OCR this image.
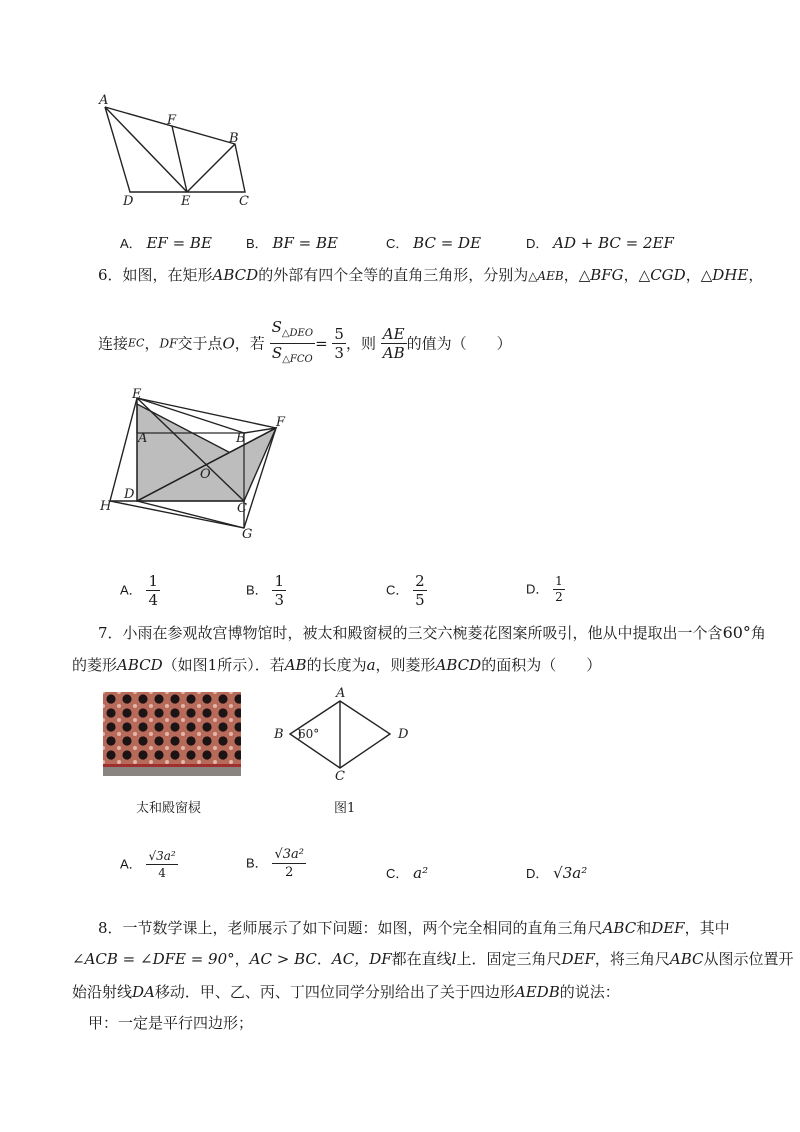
A
F
B
D	E	C
A． EF = BE	B． BF = BE	C． BC = DE	D． AD + BC = 2EF
6．如图，在矩形ABCD的外部有四个全等的直角三角形，分别为△AEB，△BFG，△CGD，△DHE，
连接EC，DF交于点O，若 $\frac{S_{\triangle DEO}}{S_{\triangle FCO}} = \frac{5}{3}$ ，则 $\frac{AE}{AB}$ 的值为（　　）
E
F
A	B
O
D
C
H
G
A． $\frac{1}{4}$	B． $\frac{1}{3}$	C． $\frac{2}{5}$	D． $\frac{1}{2}$
7．小雨在参观故宫博物馆时，被太和殿窗棂的三交六椀菱花图案所吸引，他从中提取出一个含60°角
的菱形ABCD（如图1所示）．若AB的长度为a，则菱形ABCD的面积为（　　）
太和殿窗棂
A
B
C
D
60°
图1
A． $\frac{\text{√3a²}}{4}$	B． $\frac{\text{√3a²}}{2}$	C． a²	D． √3a²
8．一节数学课上，老师展示了如下问题：如图，两个完全相同的直角三角尺ABC和DEF，其中
∠ACB = ∠DFE = 90°，AC > BC．AC，DF都在直线l上．固定三角尺DEF，将三角尺ABC从图示位置开
始沿射线DA移动．甲、乙、丙、丁四位同学分别给出了关于四边形AEDB的说法：
甲：一定是平行四边形；
